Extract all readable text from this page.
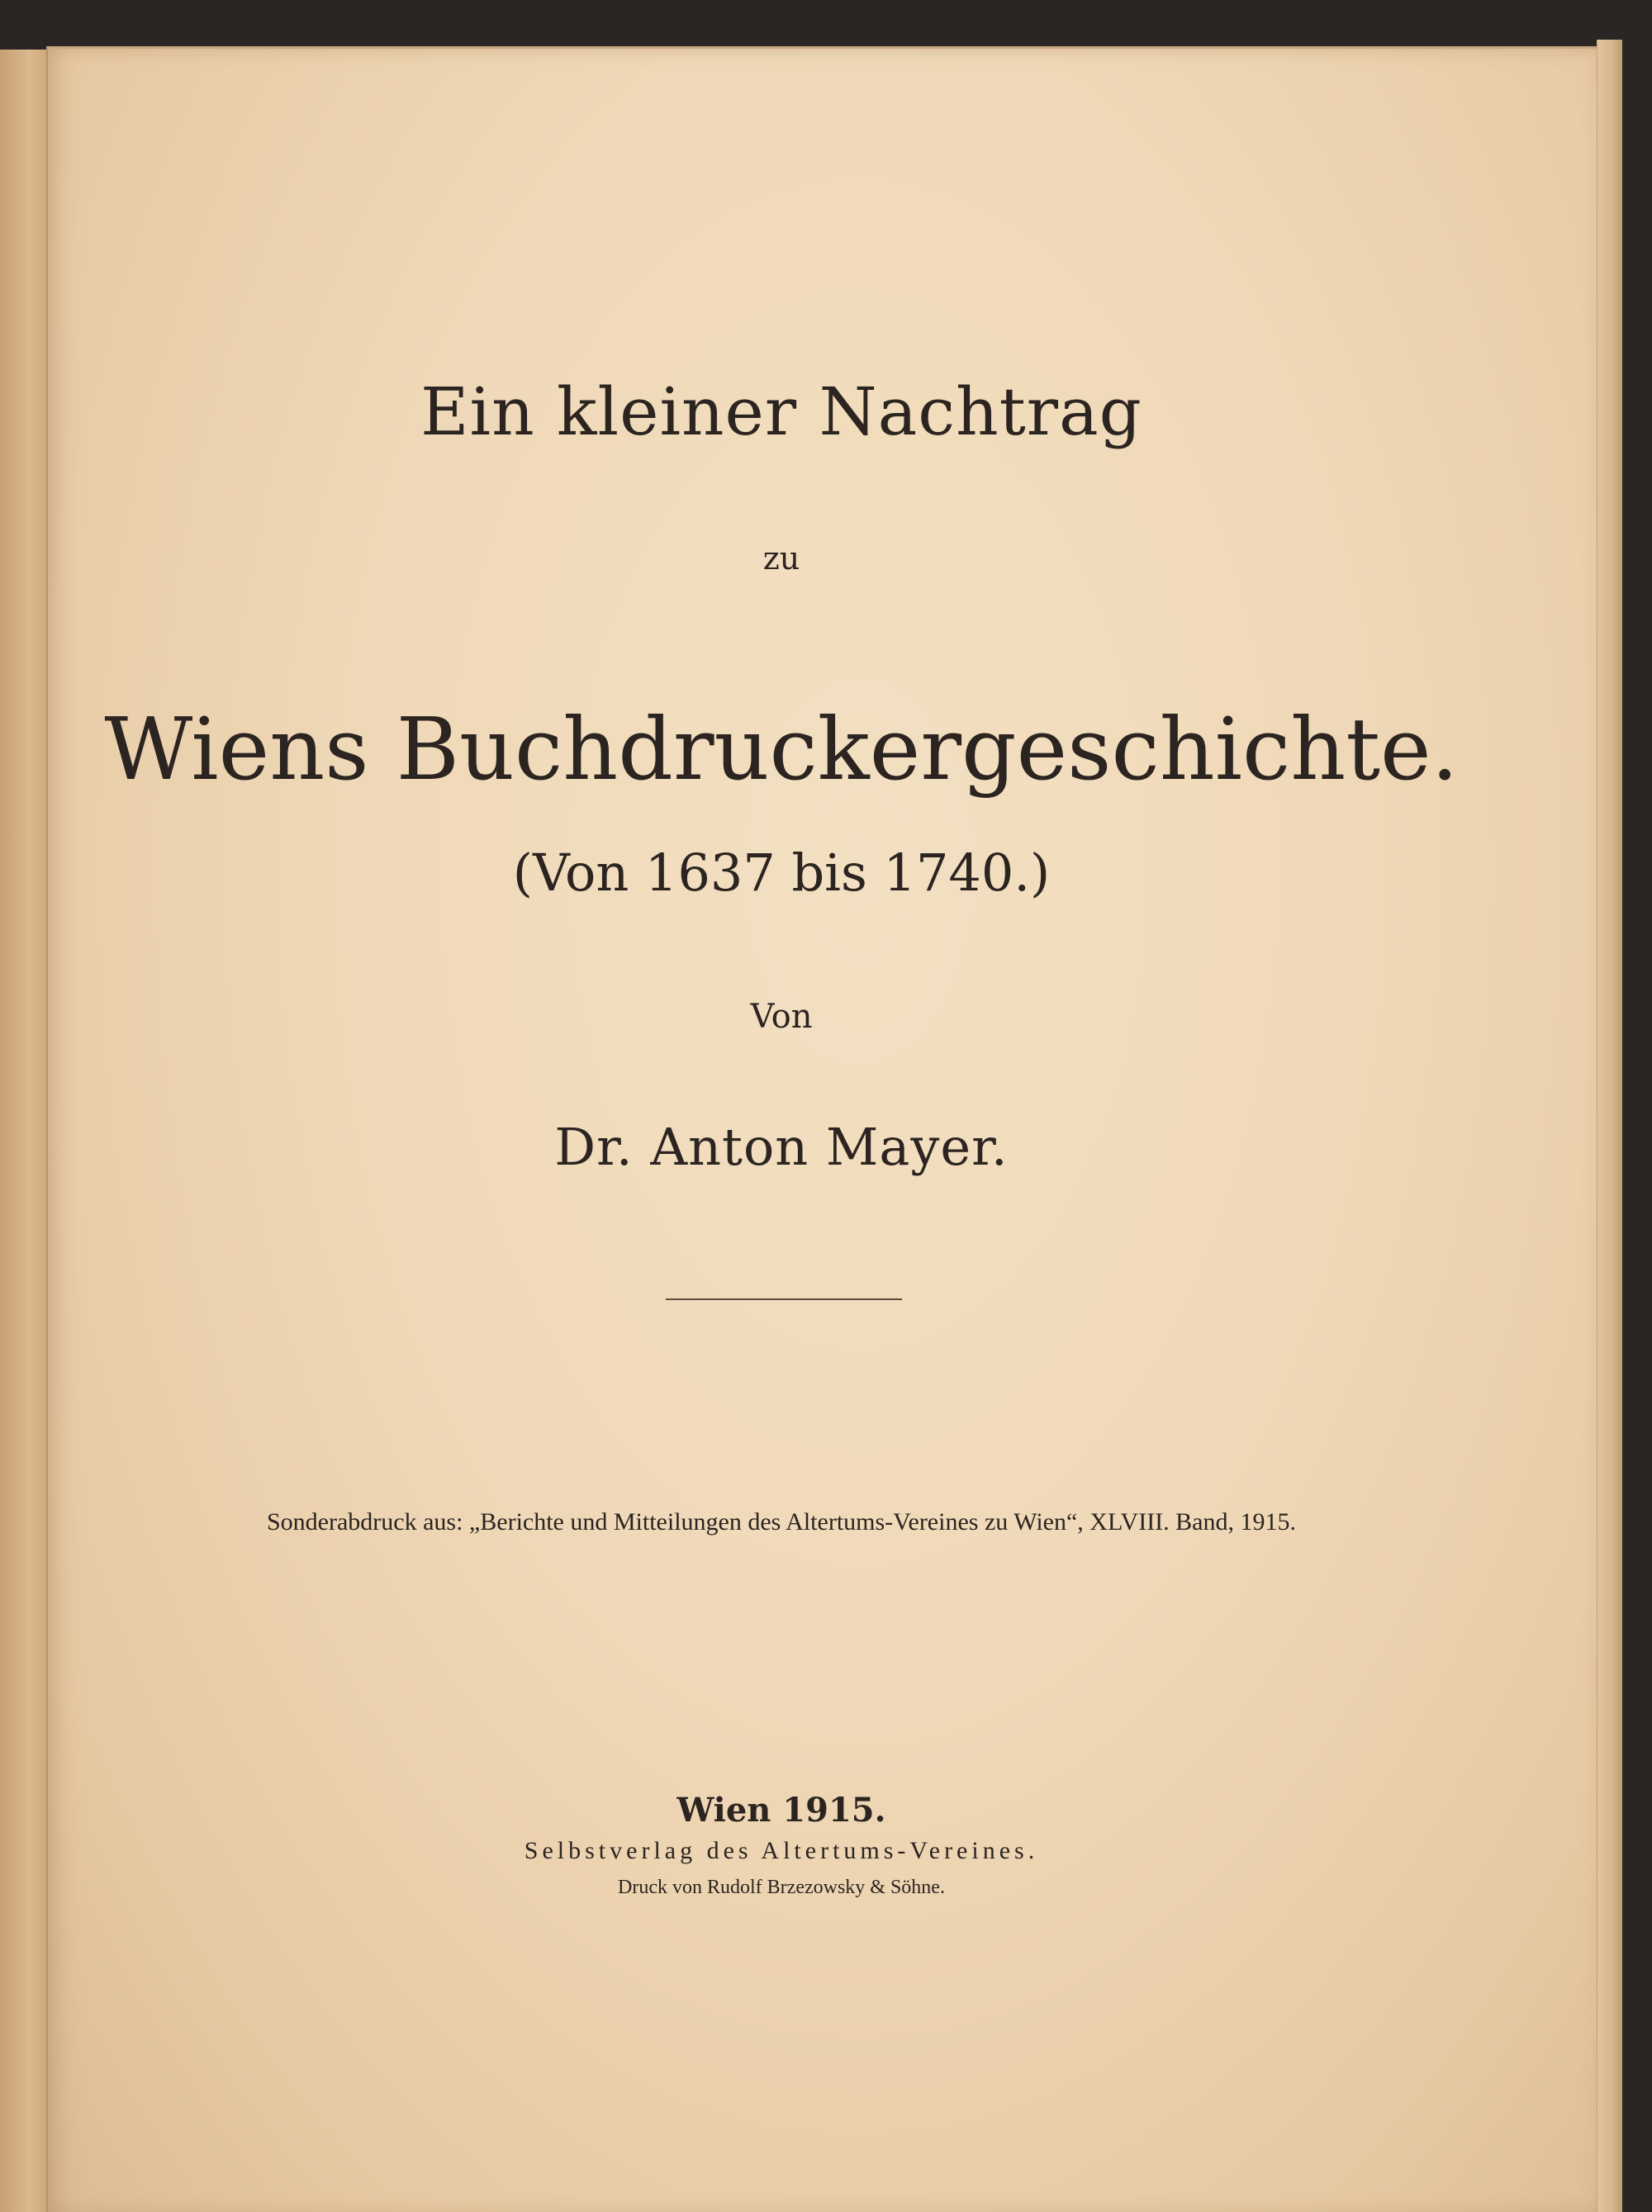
Ein kleiner Nachtrag
zu
Wiens Buchdruckergeschichte.
(Von 1637 bis 1740.)
Von
Dr. Anton Mayer.
Sonderabdruck aus: „Berichte und Mitteilungen des Altertums-Vereines zu Wien“, XLVIII. Band, 1915.
Wien 1915.
Selbstverlag des Altertums-Vereines.
Druck von Rudolf Brzezowsky & Söhne.
